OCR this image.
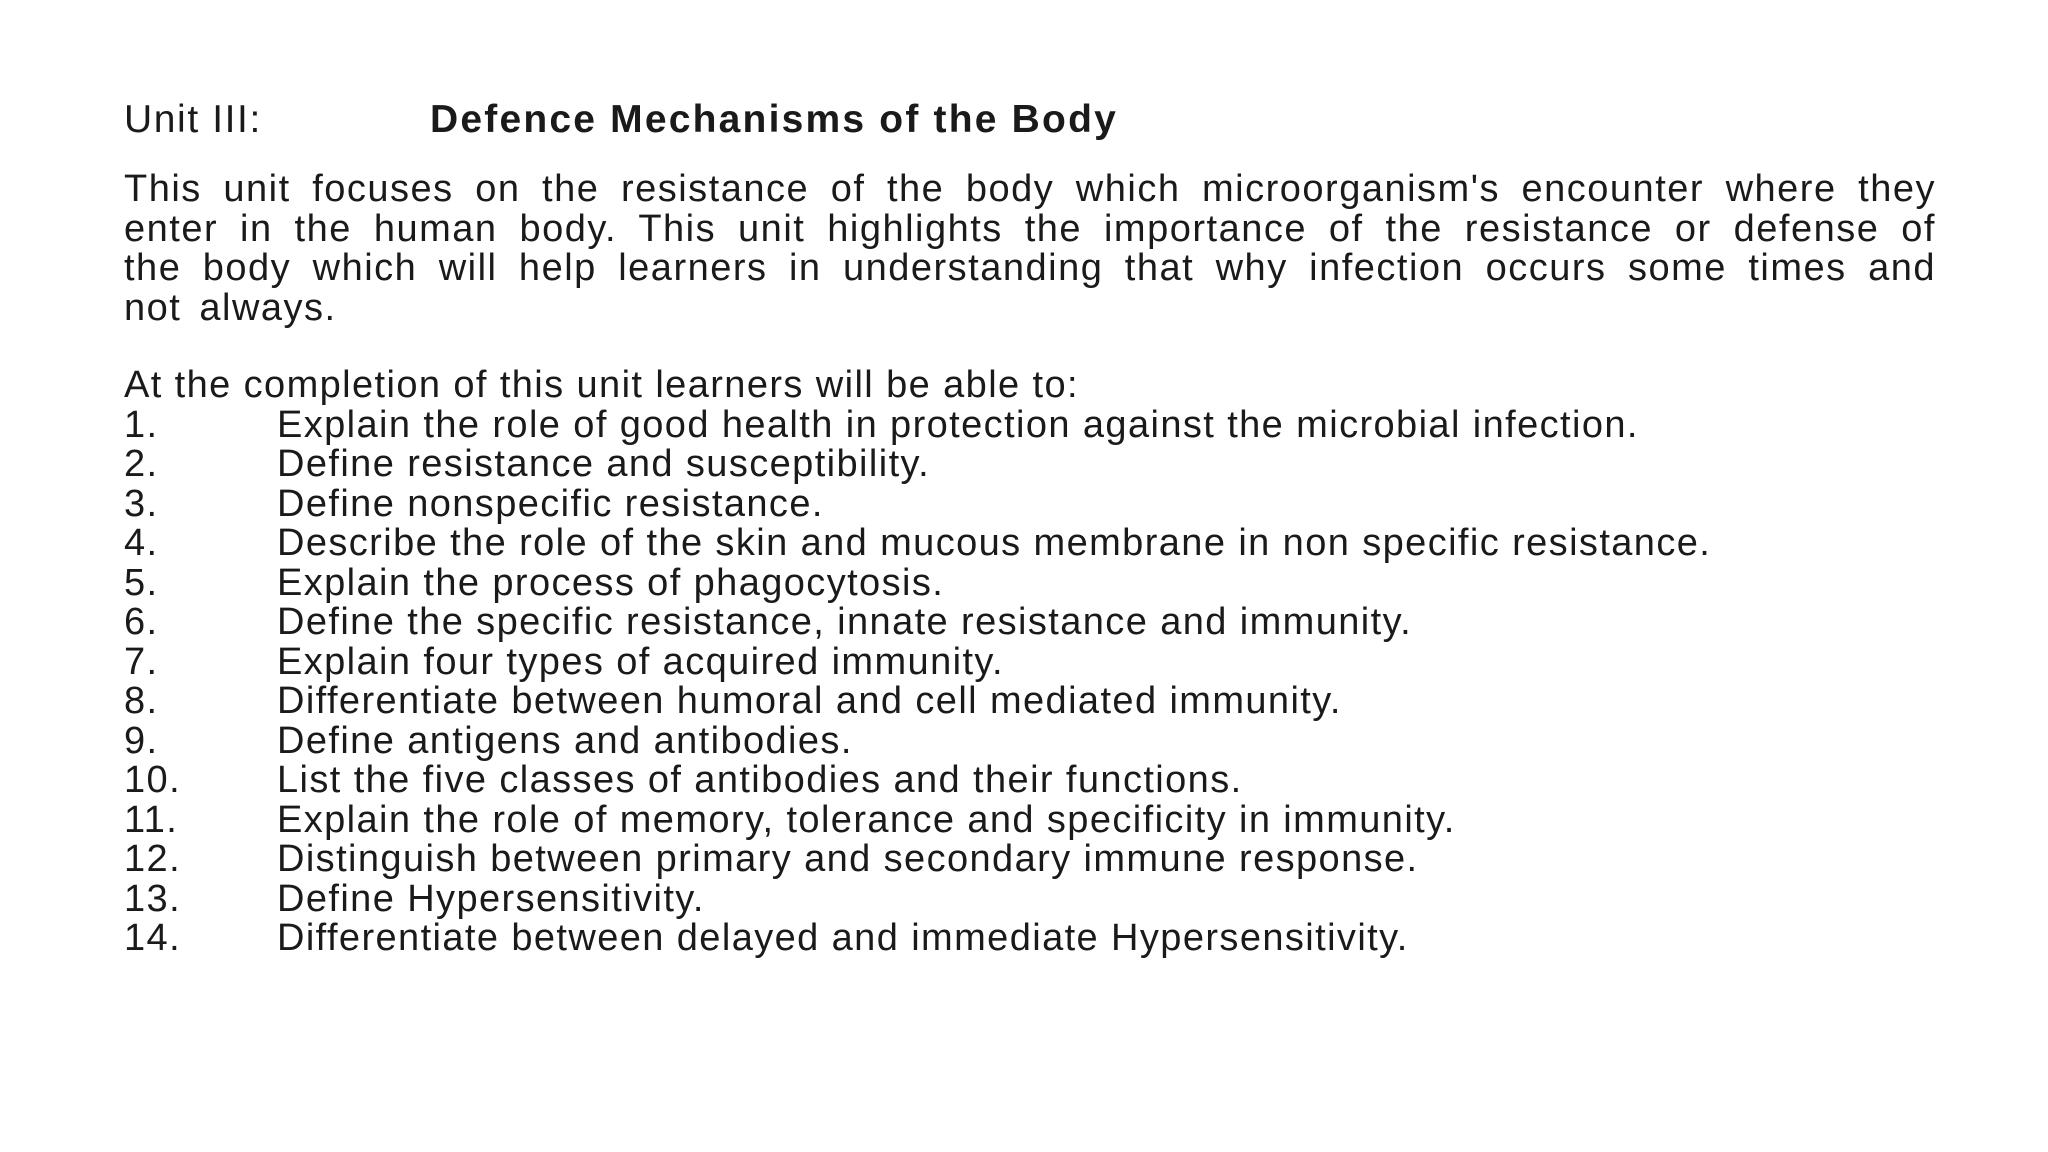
Unit III:	Defence Mechanisms of the Body

This unit focuses on the resistance of the body which microorganism's encounter where they enter in the human body. This unit highlights the importance of the resistance or defense of the body which will help learners in understanding that why infection occurs some times and not always.

At the completion of this unit learners will be able to:
1.	Explain the role of good health in protection against the microbial infection.
2.	Define resistance and susceptibility.
3.	Define nonspecific resistance.
4.	Describe the role of the skin and mucous membrane in non specific resistance.
5.	Explain the process of phagocytosis.
6.	Define the specific resistance, innate resistance and immunity.
7.	Explain four types of acquired immunity.
8.	Differentiate between humoral and cell mediated immunity.
9.	Define antigens and antibodies.
10.	List the five classes of antibodies and their functions.
11.	Explain the role of memory, tolerance and specificity in immunity.
12.	Distinguish between primary and secondary immune response.
13.	Define Hypersensitivity.
14.	Differentiate between delayed and immediate Hypersensitivity.
